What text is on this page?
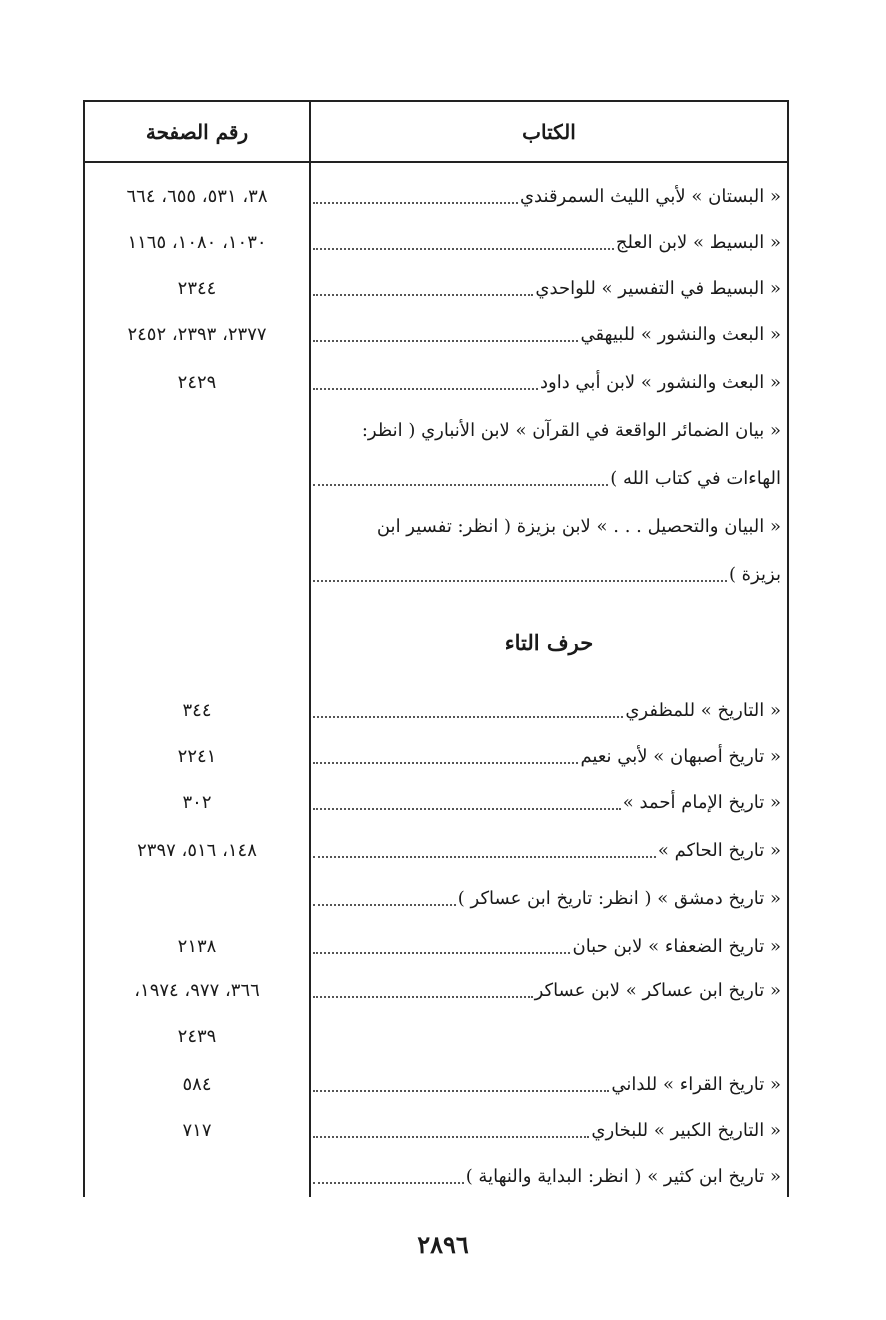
الكتاب
رقم الصفحة
« البستان » لأبي الليث السمرقندي
٣٨، ٥٣١، ٦٥٥، ٦٦٤
« البسيط » لابن العلج
١٠٣٠، ١٠٨٠، ١١٦٥
« البسيط في التفسير » للواحدي
٢٣٤٤
« البعث والنشور » للبيهقي
٢٣٧٧، ٢٣٩٣، ٢٤٥٢
« البعث والنشور » لابن أبي داود
٢٤٢٩
« بيان الضمائر الواقعة في القرآن » لابن الأنباري ( انظر:
الهاءات في كتاب الله )
« البيان والتحصيل . . . » لابن بزيزة ( انظر: تفسير ابن
بزيزة )
حرف التاء
« التاريخ » للمظفري
٣٤٤
« تاريخ أصبهان » لأبي نعيم
٢٢٤١
« تاريخ الإمام أحمد »
٣٠٢
« تاريخ الحاكم »
١٤٨، ٥١٦، ٢٣٩٧
« تاريخ دمشق » ( انظر: تاريخ ابن عساكر )
« تاريخ الضعفاء » لابن حبان
٢١٣٨
« تاريخ ابن عساكر » لابن عساكر
٣٦٦، ٩٧٧، ١٩٧٤،
٢٤٣٩
« تاريخ القراء » للداني
٥٨٤
« التاريخ الكبير » للبخاري
٧١٧
« تاريخ ابن كثير » ( انظر: البداية والنهاية )
٢٨٩٦
